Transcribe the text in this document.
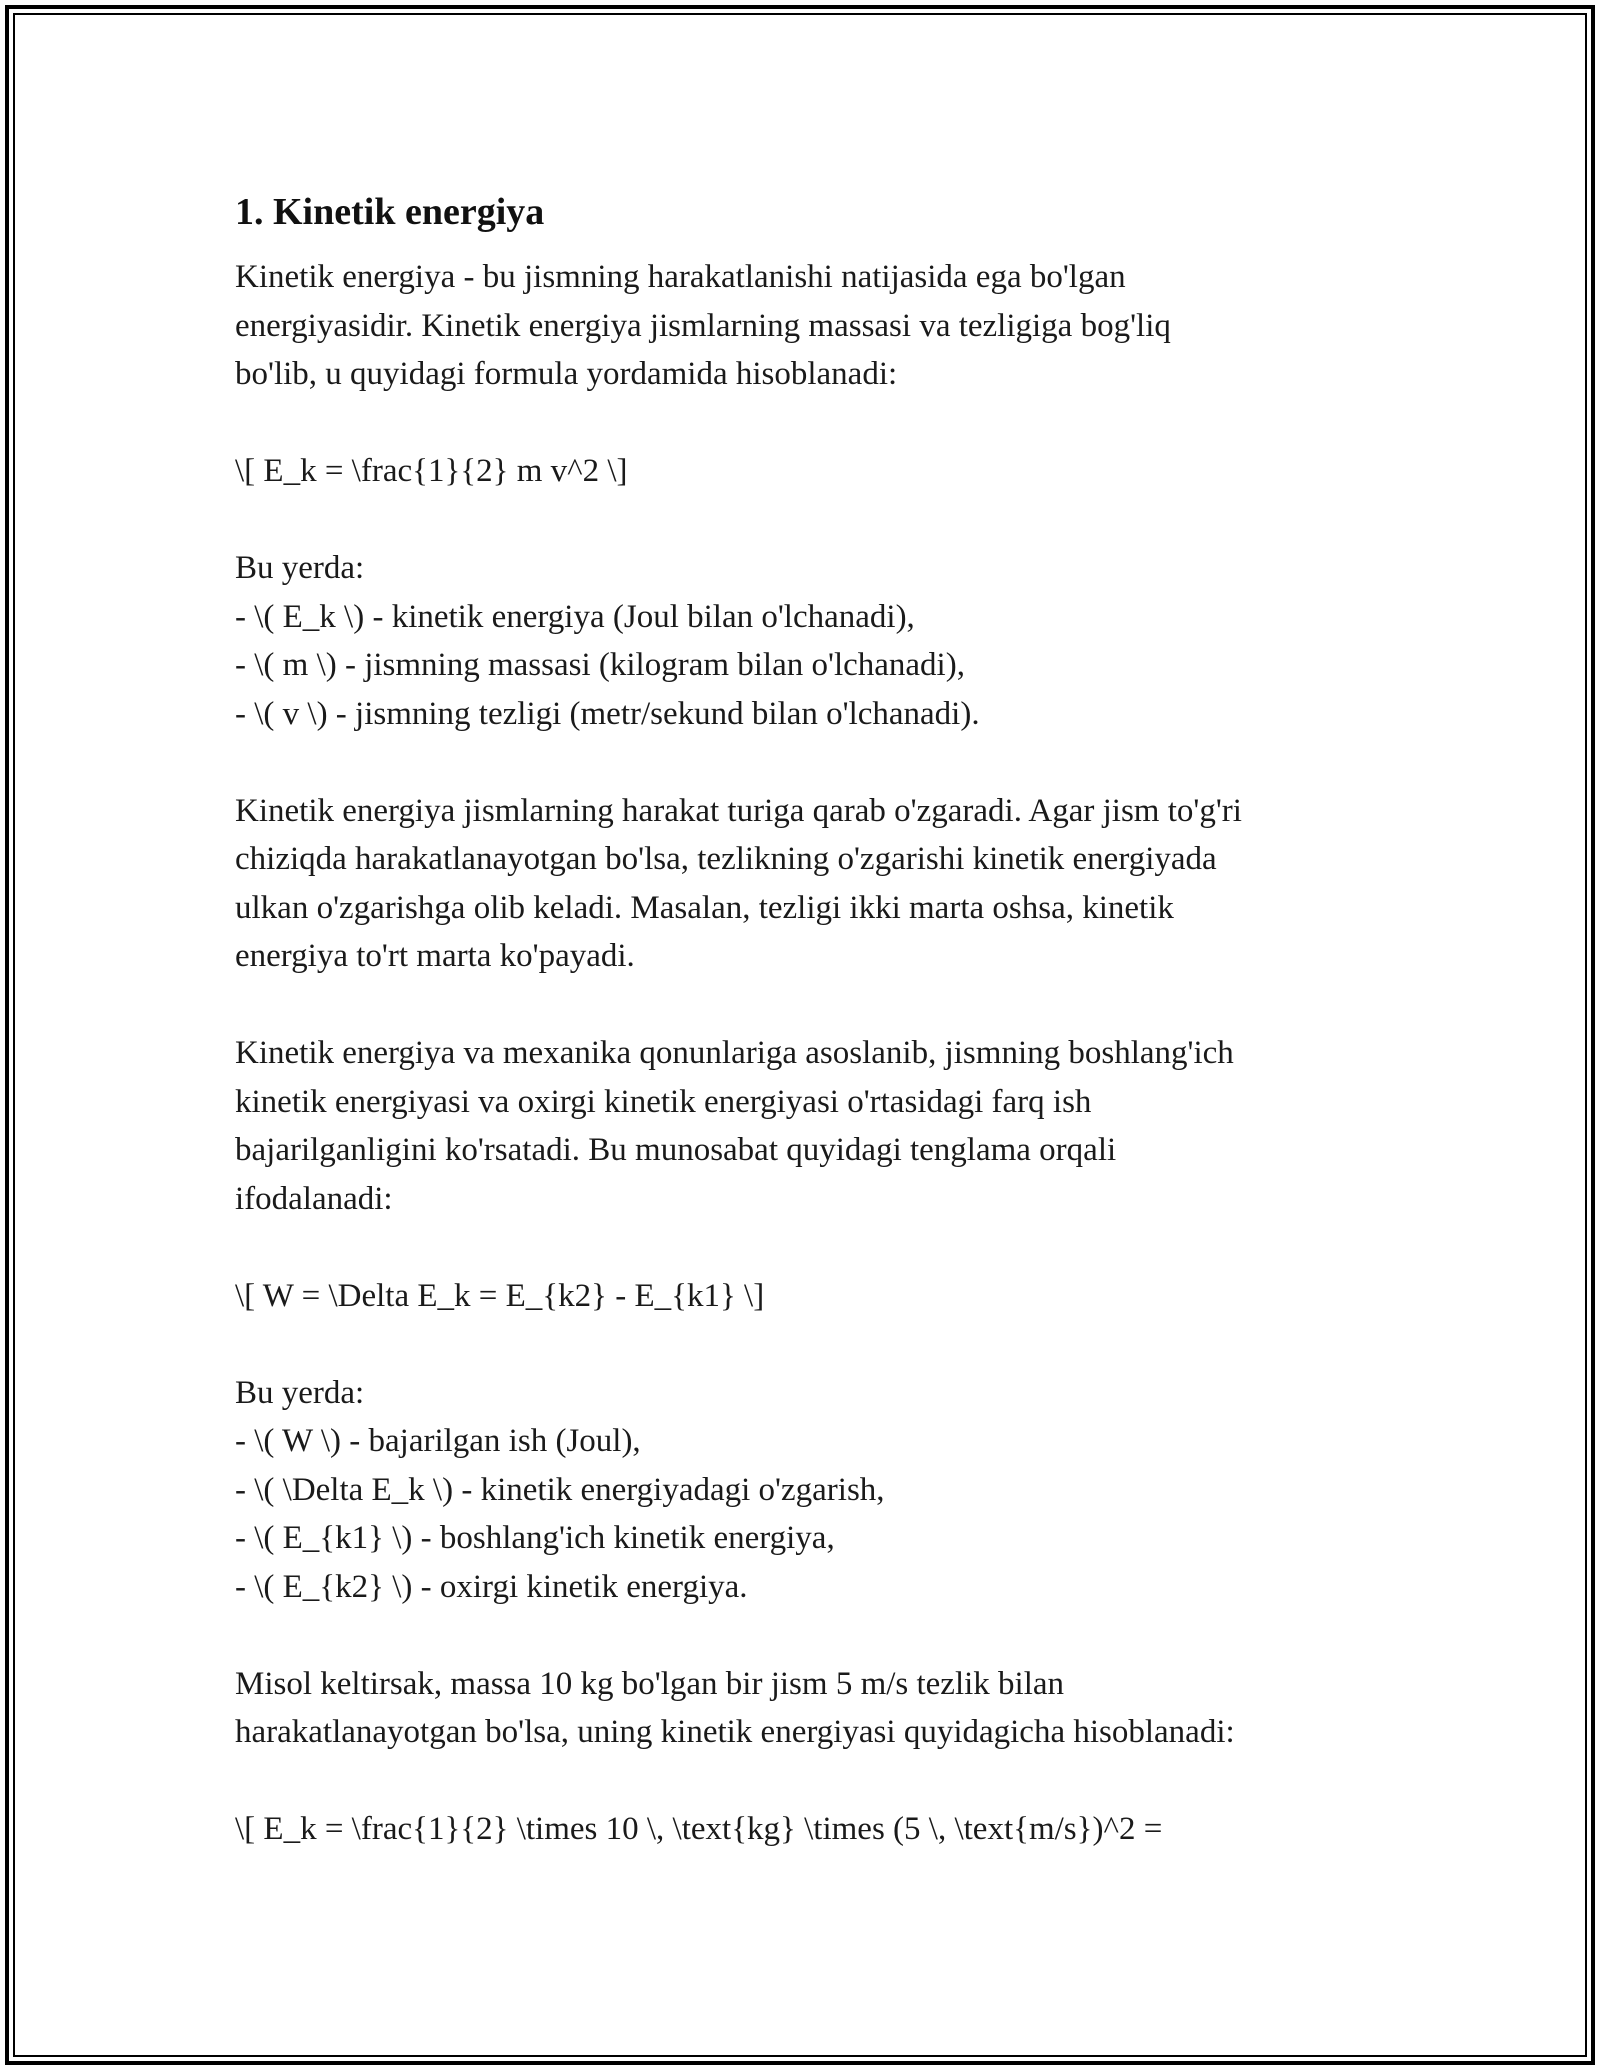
1. Kinetik energiya
Kinetik energiya - bu jismning harakatlanishi natijasida ega bo'lgan
energiyasidir. Kinetik energiya jismlarning massasi va tezligiga bog'liq
bo'lib, u quyidagi formula yordamida hisoblanadi:
\[ E_k = \frac{1}{2} m v^2 \]
Bu yerda:
- \( E_k \) - kinetik energiya (Joul bilan o'lchanadi),
- \( m \) - jismning massasi (kilogram bilan o'lchanadi),
- \( v \) - jismning tezligi (metr/sekund bilan o'lchanadi).
Kinetik energiya jismlarning harakat turiga qarab o'zgaradi. Agar jism to'g'ri
chiziqda harakatlanayotgan bo'lsa, tezlikning o'zgarishi kinetik energiyada
ulkan o'zgarishga olib keladi. Masalan, tezligi ikki marta oshsa, kinetik
energiya to'rt marta ko'payadi.
Kinetik energiya va mexanika qonunlariga asoslanib, jismning boshlang'ich
kinetik energiyasi va oxirgi kinetik energiyasi o'rtasidagi farq ish
bajarilganligini ko'rsatadi. Bu munosabat quyidagi tenglama orqali
ifodalanadi:
\[ W = \Delta E_k = E_{k2} - E_{k1} \]
Bu yerda:
- \( W \) - bajarilgan ish (Joul),
- \( \Delta E_k \) - kinetik energiyadagi o'zgarish,
- \( E_{k1} \) - boshlang'ich kinetik energiya,
- \( E_{k2} \) - oxirgi kinetik energiya.
Misol keltirsak, massa 10 kg bo'lgan bir jism 5 m/s tezlik bilan
harakatlanayotgan bo'lsa, uning kinetik energiyasi quyidagicha hisoblanadi:
\[ E_k = \frac{1}{2} \times 10 \, \text{kg} \times (5 \, \text{m/s})^2 =
